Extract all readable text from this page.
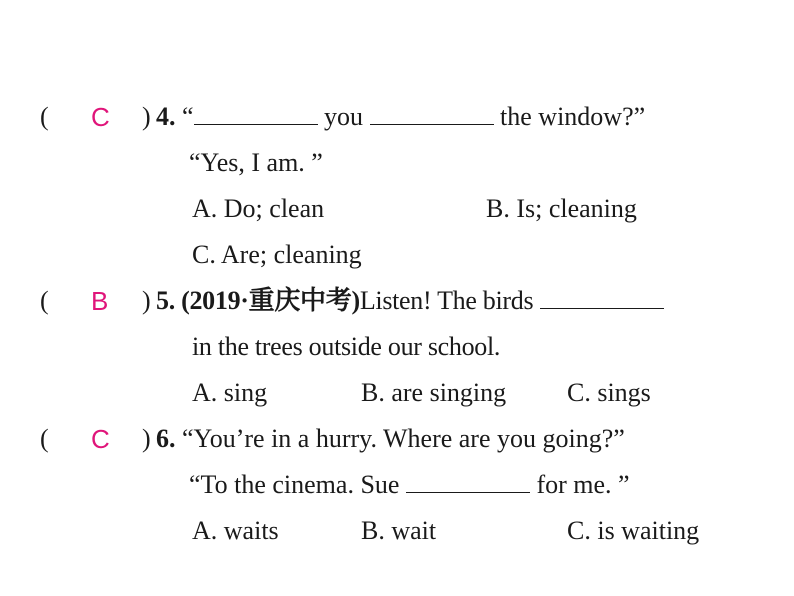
( C ) 4. “	you	the window?”
“Yes, I am. ”
A. Do; clean	B. Is; cleaning
C. Are; cleaning
( B ) 5. (2019·重庆中考)Listen! The birds
in the trees outside our school.
A. sing	B. are singing C. sings
( C ) 6. “You’re in a hurry. Where are you going?”
“To the cinema. Sue	for me. ”
A. waits	B. wait	C. is waiting
